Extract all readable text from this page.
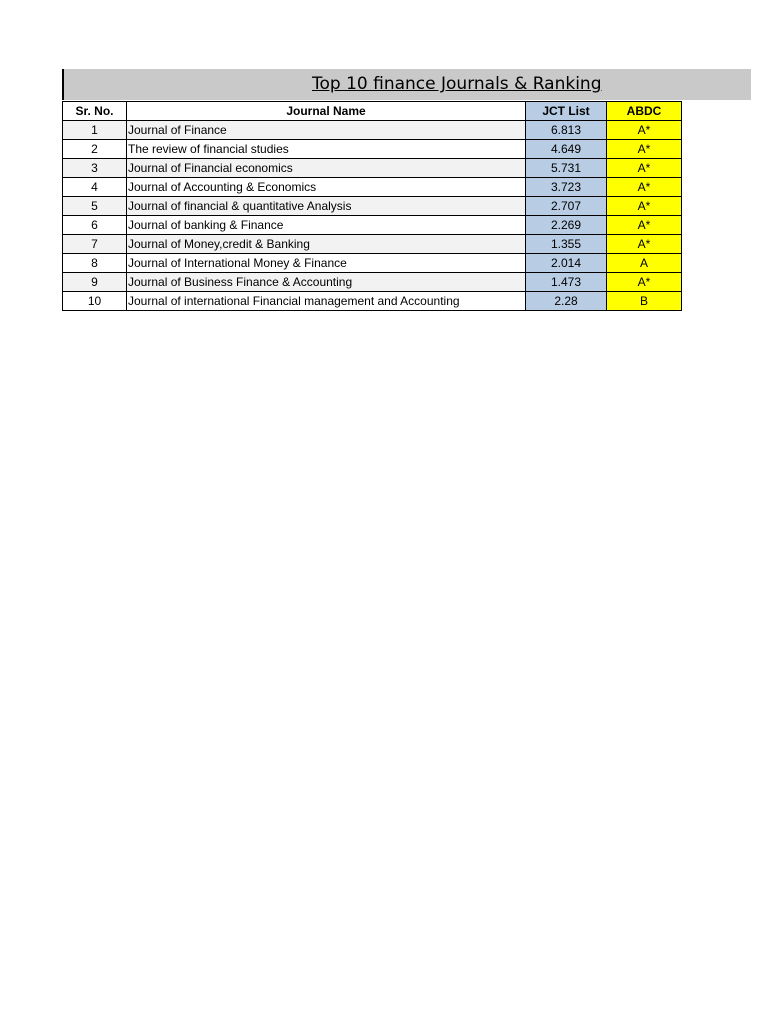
Top 10 finance Journals & Ranking
Sr. No.	Journal Name	JCT List	ABDC
1	Journal of Finance	6.813	A*
2	The review of financial studies	4.649	A*
3	Journal of Financial economics	5.731	A*
4	Journal of Accounting & Economics	3.723	A*
5	Journal of financial & quantitative Analysis	2.707	A*
6	Journal of banking & Finance	2.269	A*
7	Journal of Money,credit & Banking	1.355	A*
8	Journal of International Money & Finance	2.014	A
9	Journal of Business Finance & Accounting	1.473	A*
10	Journal of international Financial management and Accounting	2.28	B
